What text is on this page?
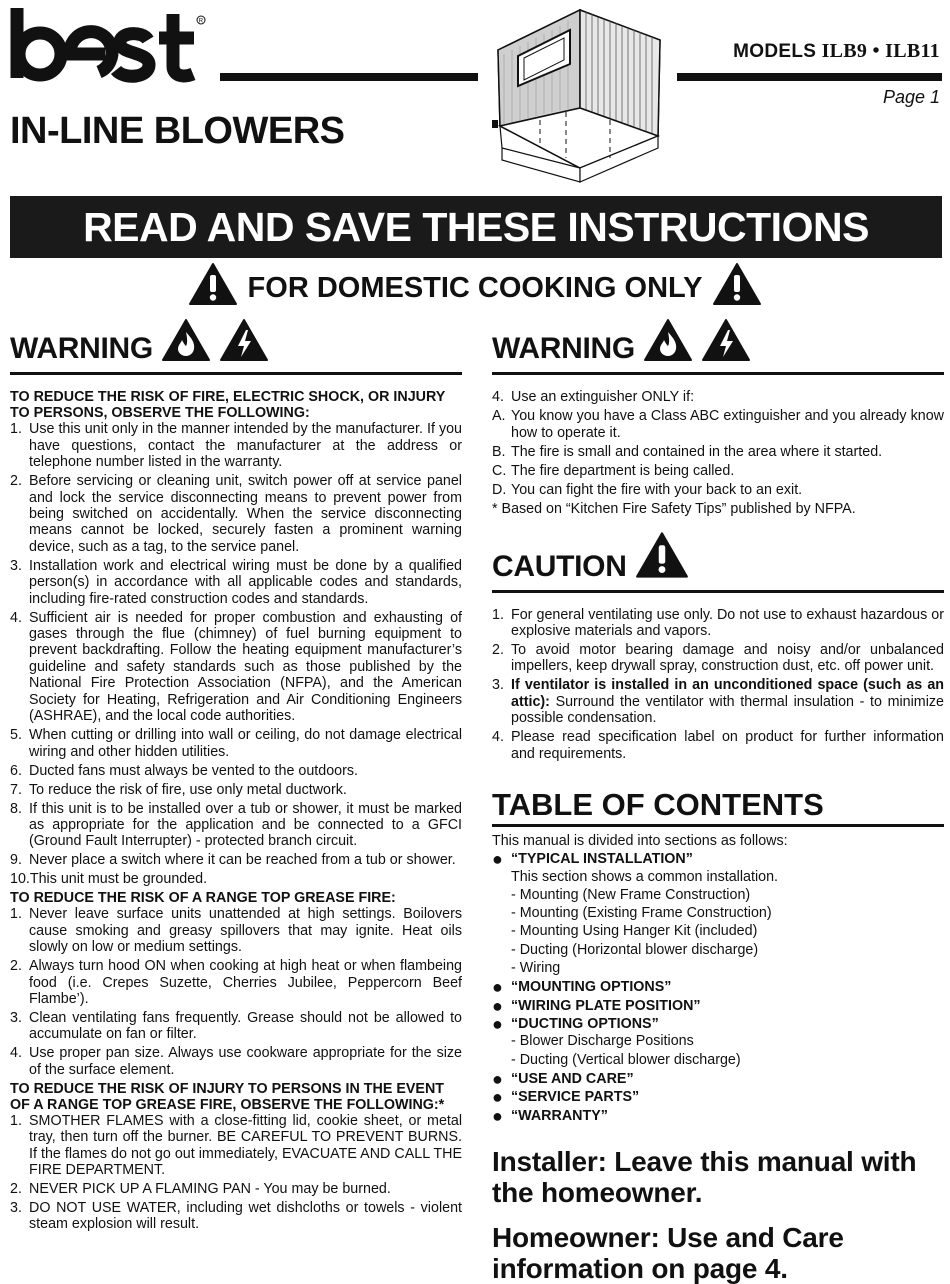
R
MODELS ILB9 • ILB11
Page 1
IN-LINE BLOWERS
READ AND SAVE THESE INSTRUCTIONS
FOR DOMESTIC COOKING ONLY
WARNING
TO REDUCE THE RISK OF FIRE, ELECTRIC SHOCK, OR INJURY TO PERSONS, OBSERVE THE FOLLOWING:
1. Use this unit only in the manner intended by the manufacturer. If you have questions, contact the manufacturer at the address or telephone number listed in the warranty.
2. Before servicing or cleaning unit, switch power off at service panel and lock the service disconnecting means to prevent power from being switched on accidentally. When the service disconnecting means cannot be locked, securely fasten a prominent warning device, such as a tag, to the service panel.
3. Installation work and electrical wiring must be done by a qualified person(s) in accordance with all applicable codes and standards, including fire-rated construction codes and standards.
4. Sufficient air is needed for proper combustion and exhausting of gases through the flue (chimney) of fuel burning equipment to prevent backdrafting. Follow the heating equipment manufacturer’s guideline and safety standards such as those published by the National Fire Protection Association (NFPA), and the American Society for Heating, Refrigeration and Air Conditioning Engineers (ASHRAE), and the local code authorities.
5. When cutting or drilling into wall or ceiling, do not damage electrical wiring and other hidden utilities.
6. Ducted fans must always be vented to the outdoors.
7. To reduce the risk of fire, use only metal ductwork.
8. If this unit is to be installed over a tub or shower, it must be marked as appropriate for the application and be connected to a GFCI (Ground Fault Interrupter) - protected branch circuit.
9. Never place a switch where it can be reached from a tub or shower.
10. This unit must be grounded.
TO REDUCE THE RISK OF A RANGE TOP GREASE FIRE:
1. Never leave surface units unattended at high settings. Boilovers cause smoking and greasy spillovers that may ignite. Heat oils slowly on low or medium settings.
2. Always turn hood ON when cooking at high heat or when flambeing food (i.e. Crepes Suzette, Cherries Jubilee, Peppercorn Beef Flambe’).
3. Clean ventilating fans frequently. Grease should not be allowed to accumulate on fan or filter.
4. Use proper pan size. Always use cookware appropriate for the size of the surface element.
TO REDUCE THE RISK OF INJURY TO PERSONS IN THE EVENT OF A RANGE TOP GREASE FIRE, OBSERVE THE FOLLOWING:*
1. SMOTHER FLAMES with a close-fitting lid, cookie sheet, or metal tray, then turn off the burner. BE CAREFUL TO PREVENT BURNS. If the flames do not go out immediately, EVACUATE AND CALL THE FIRE DEPARTMENT.
2. NEVER PICK UP A FLAMING PAN - You may be burned.
3. DO NOT USE WATER, including wet dishcloths or towels - violent steam explosion will result.
WARNING
4. Use an extinguisher ONLY if:
A. You know you have a Class ABC extinguisher and you already know how to operate it.
B. The fire is small and contained in the area where it started.
C. The fire department is being called.
D. You can fight the fire with your back to an exit.
* Based on “Kitchen Fire Safety Tips” published by NFPA.
CAUTION
1. For general ventilating use only. Do not use to exhaust hazardous or explosive materials and vapors.
2. To avoid motor bearing damage and noisy and/or unbalanced impellers, keep drywall spray, construction dust, etc. off power unit.
3. If ventilator is installed in an unconditioned space (such as an attic): Surround the ventilator with thermal insulation - to minimize possible condensation.
4. Please read specification label on product for further information and requirements.
TABLE OF CONTENTS
This manual is divided into sections as follows:
● “TYPICAL INSTALLATION”
This section shows a common installation.
- Mounting (New Frame Construction)
- Mounting (Existing Frame Construction)
- Mounting Using Hanger Kit (included)
- Ducting (Horizontal blower discharge)
- Wiring
● “MOUNTING OPTIONS”
● “WIRING PLATE POSITION”
● “DUCTING OPTIONS”
- Blower Discharge Positions
- Ducting (Vertical blower discharge)
● “USE AND CARE”
● “SERVICE PARTS”
● “WARRANTY”
Installer: Leave this manual with the homeowner.
Homeowner: Use and Care information on page 4.
